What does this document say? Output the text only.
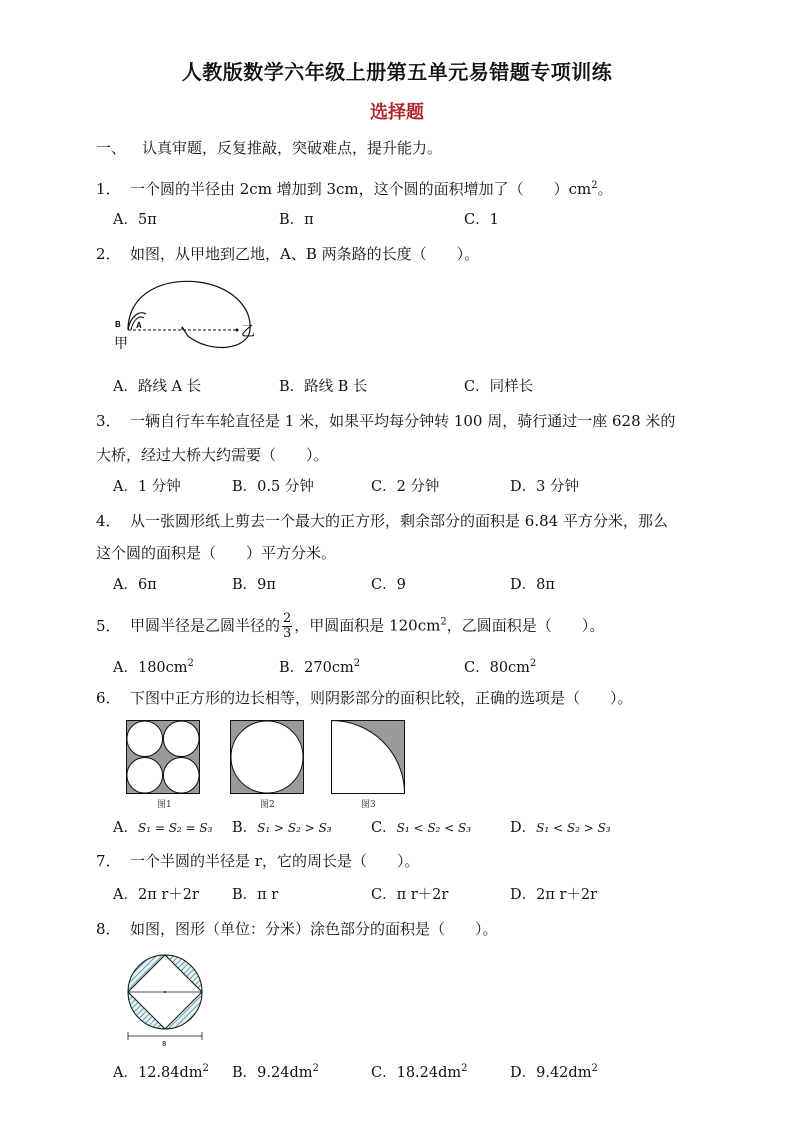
人教版数学六年级上册第五单元易错题专项训练
选择题
一、 认真审题，反复推敲，突破难点，提升能力。
1． 一个圆的半径由 2cm 增加到 3cm，这个圆的面积增加了（　　）$cm^2$。
A．5π	B．π	C．1
2． 如图，从甲地到乙地，A、B 两条路的长度（　　）。
B A
甲
乙
A．路线 A 长	B．路线 B 长	C．同样长
3． 一辆自行车车轮直径是 1 米，如果平均每分钟转 100 周，骑行通过一座 628 米的
大桥，经过大桥大约需要（　　）。
A．1 分钟	B．0.5 分钟	C．2 分钟	D．3 分钟
4． 从一张圆形纸上剪去一个最大的正方形，剩余部分的面积是 6.84 平方分米，那么
这个圆的面积是（　　）平方分米。
A．6π	B．9π	C．9	D．8π
5． 甲圆半径是乙圆半径的 $\frac{2}{3}$ ，甲圆面积是 $120cm^2$，乙圆面积是（　　）。
A．$180cm^2$	B．$270cm^2$	C．$80cm^2$
6． 下图中正方形的边长相等，则阴影部分的面积比较，正确的选项是（　　）。
图1	图2	图3
A．S₁ = S₂ = S₃ B．S₁ > S₂ > S₃	C．S₁ < S₂ < S₃	D．S₁ < S₂ > S₃
7． 一个半圆的半径是 r，它的周长是（　　）。
A．2π r＋2r B．π r	C．π r＋2r	D．2π r＋2r
8． 如图，图形（单位：分米）涂色部分的面积是（　　）。
8
A．$12.84dm^2$ B．$9.24dm^2$	C．$18.24dm^2$	D．$9.42dm^2$
